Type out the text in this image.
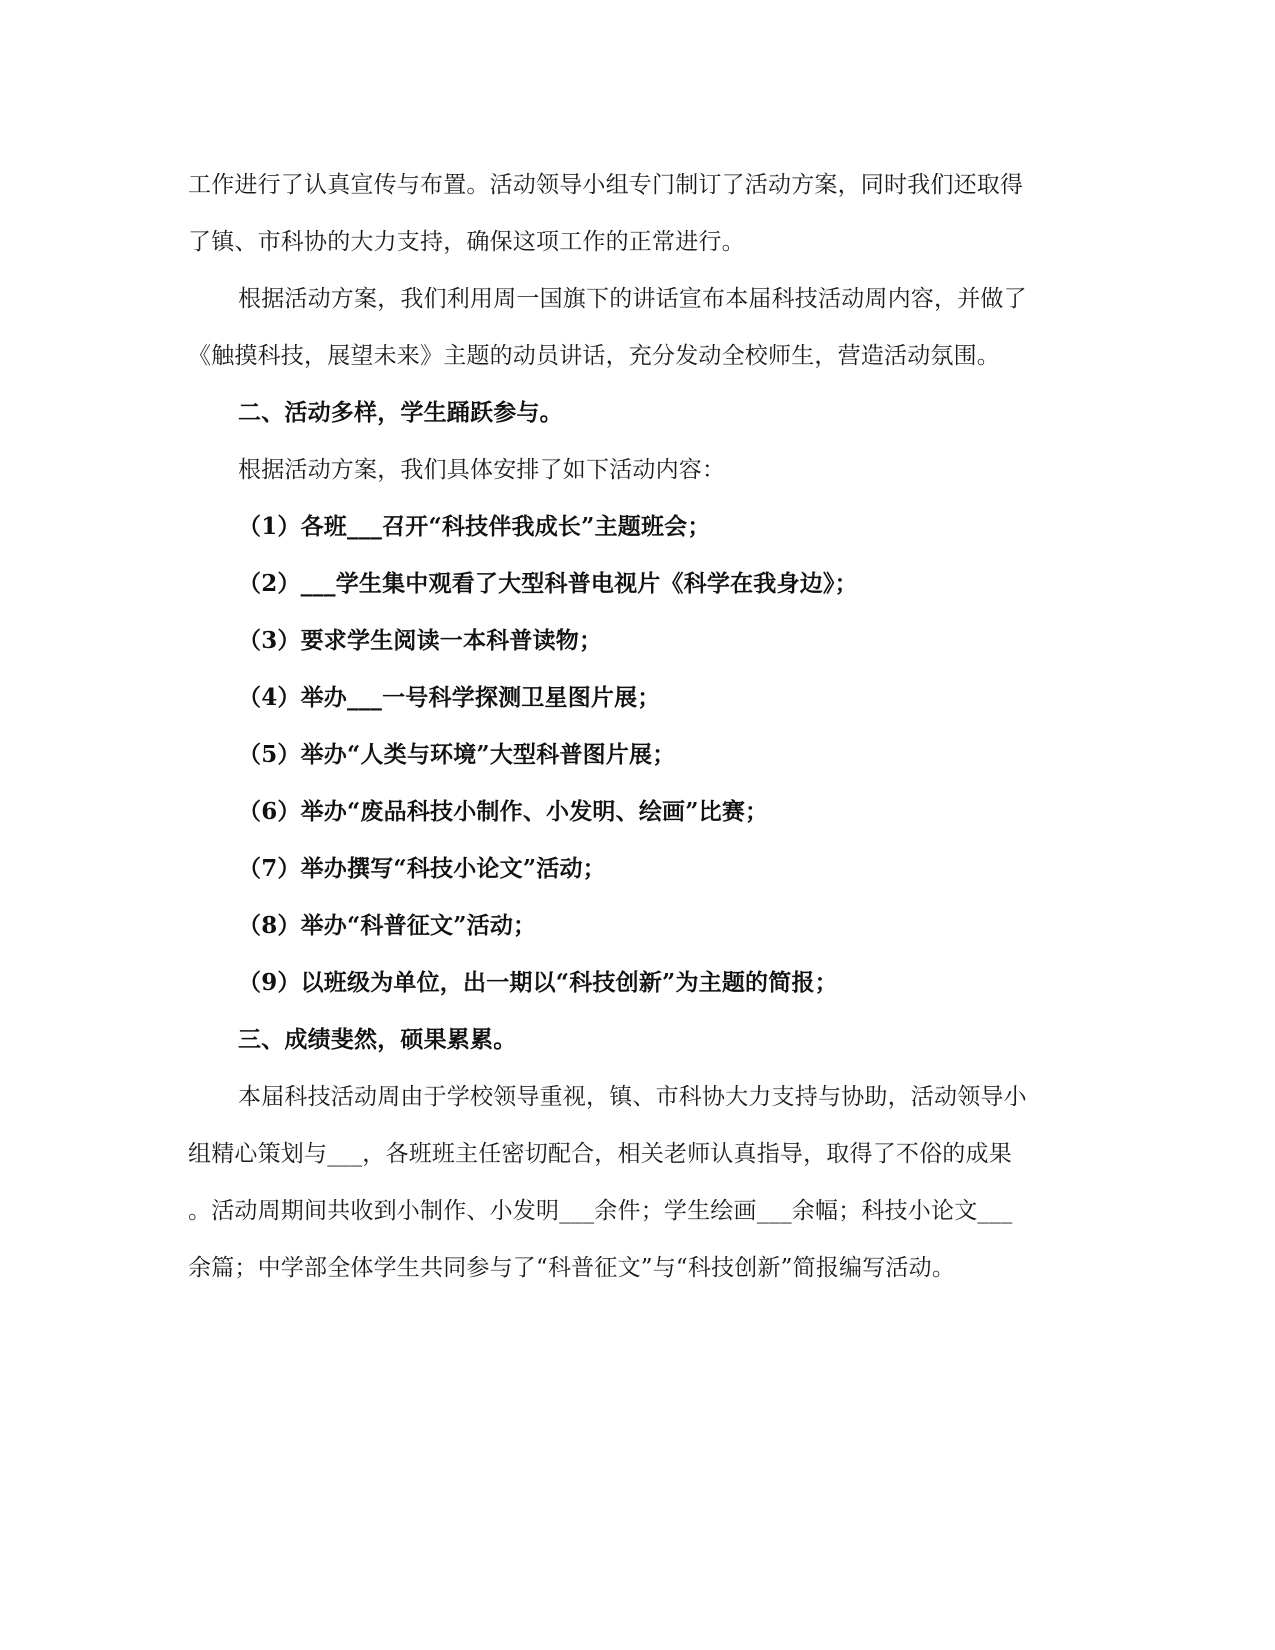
工作进行了认真宣传与布置。活动领导小组专门制订了活动方案，同时我们还取得
了镇、市科协的大力支持，确保这项工作的正常进行。
根据活动方案，我们利用周一国旗下的讲话宣布本届科技活动周内容，并做了
《触摸科技，展望未来》主题的动员讲话，充分发动全校师生，营造活动氛围。
二、活动多样，学生踊跃参与。
根据活动方案，我们具体安排了如下活动内容：
（1）各班___召开“科技伴我成长”主题班会；
（2）___学生集中观看了大型科普电视片《科学在我身边》；
（3）要求学生阅读一本科普读物；
（4）举办___一号科学探测卫星图片展；
（5）举办“人类与环境”大型科普图片展；
（6）举办“废品科技小制作、小发明、绘画”比赛；
（7）举办撰写“科技小论文”活动；
（8）举办“科普征文”活动；
（9）以班级为单位，出一期以“科技创新”为主题的简报；
三、成绩斐然，硕果累累。
本届科技活动周由于学校领导重视，镇、市科协大力支持与协助，活动领导小
组精心策划与___，各班班主任密切配合，相关老师认真指导，取得了不俗的成果
。活动周期间共收到小制作、小发明___余件；学生绘画___余幅；科技小论文___
余篇；中学部全体学生共同参与了“科普征文”与“科技创新”简报编写活动。
